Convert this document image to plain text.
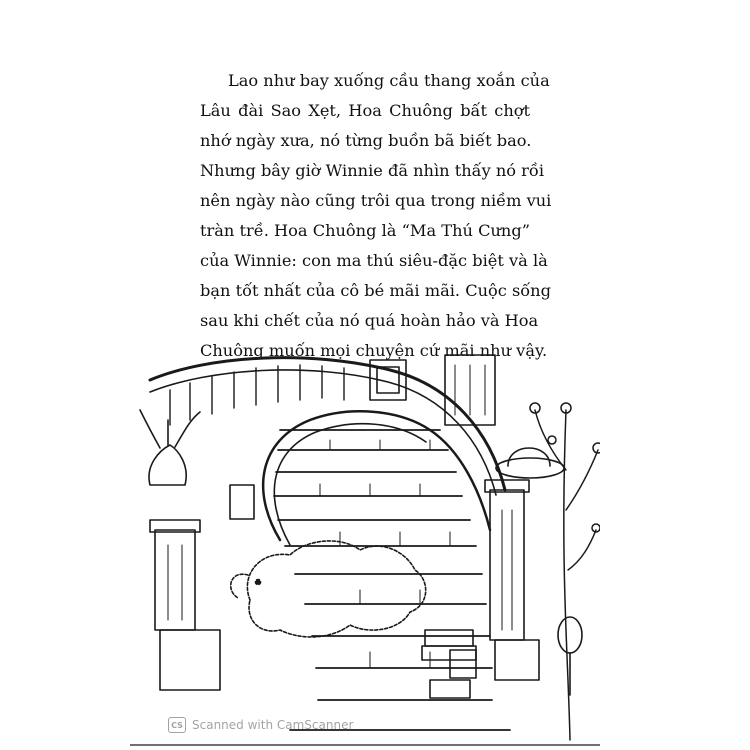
Lao như bay xuống cầu thang xoắn của
Lâu đài Sao Xẹt, Hoa Chuông bất chợt
nhớ ngày xưa, nó từng buồn bã biết bao.
Nhưng bây giờ Winnie đã nhìn thấy nó rồi
nên ngày nào cũng trôi qua trong niềm vui
tràn trề. Hoa Chuông là “Ma Thú Cưng”
của Winnie: con ma thú siêu-đặc biệt và là
bạn tốt nhất của cô bé mãi mãi. Cuộc sống
sau khi chết của nó quá hoàn hảo và Hoa
Chuông muốn mọi chuyện cứ mãi như vậy.
CS Scanned with CamScanner
